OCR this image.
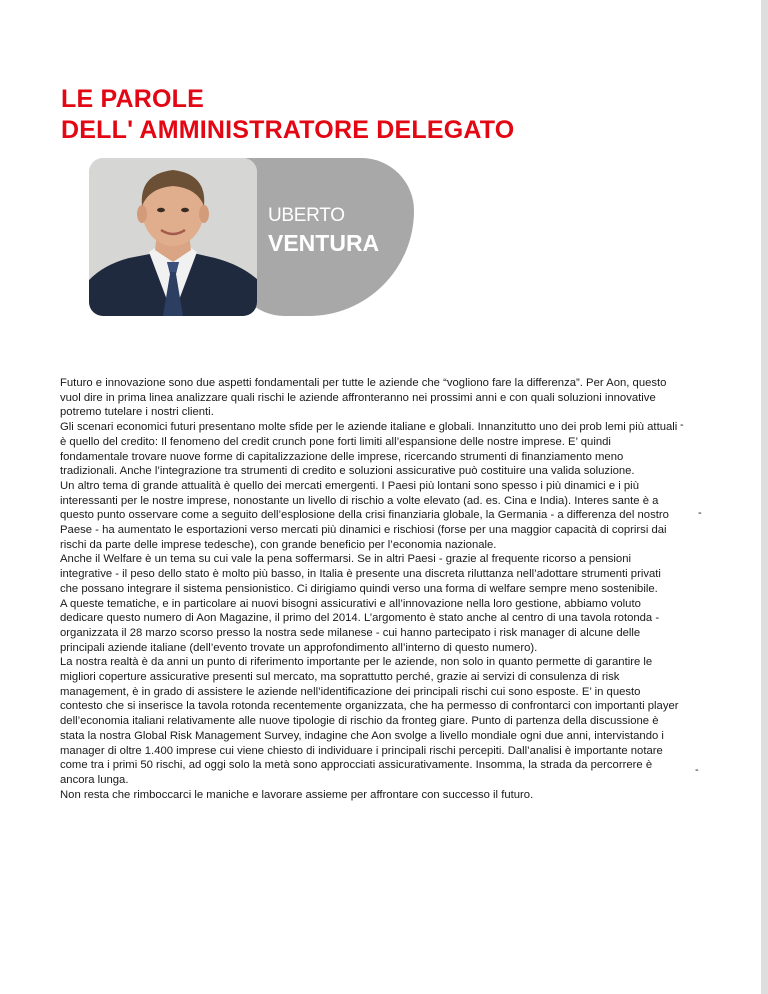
LE PAROLE
DELL' AMMINISTRATORE DELEGATO
UBERTO
VENTURA

Futuro e innovazione sono due aspetti fondamentali per tutte le aziende che “vogliono fare la differenza”. Per Aon, questo vuol dire in prima linea analizzare quali rischi le aziende affronteranno nei prossimi anni e con quali soluzioni innovative potremo tutelare i nostri clienti.

Gli scenari economici futuri presentano molte sfide per le aziende italiane e globali. Innanzitutto uno dei prob lemi più attuali è quello del credito: Il fenomeno del credit crunch pone forti limiti all’espansione delle nostre imprese. E’ quindi fondamentale trovare nuove forme di capitalizzazione delle imprese, ricercando strumenti di finanziamento meno tradizionali. Anche l’integrazione tra strumenti di credito e soluzioni assicurative può costituire una valida soluzione.

Un altro tema di grande attualità è quello dei mercati emergenti. I Paesi più lontani sono spesso i più dinamici e i più interessanti per le nostre imprese, nonostante un livello di rischio a volte elevato (ad. es. Cina e India). Interes sante è a questo punto osservare come a seguito dell’esplosione della crisi finanziaria globale, la Germania - a differenza del nostro Paese - ha aumentato le esportazioni verso mercati più dinamici e rischiosi (forse per una maggior capacità di coprirsi dai rischi da parte delle imprese tedesche), con grande beneficio per l’economia nazionale.

Anche il Welfare è un tema su cui vale la pena soffermarsi. Se in altri Paesi - grazie al frequente ricorso a pensioni integrative - il peso dello stato è molto più basso, in Italia è presente una discreta riluttanza nell’adottare strumenti privati che possano integrare il sistema pensionistico. Ci dirigiamo quindi verso una forma di welfare sempre meno sostenibile.

A queste tematiche, e in particolare ai nuovi bisogni assicurativi e all’innovazione nella loro gestione, abbiamo voluto dedicare questo numero di Aon Magazine, il primo del 2014. L’argomento è stato anche al centro di una tavola rotonda - organizzata il 28 marzo scorso presso la nostra sede milanese - cui hanno partecipato i risk manager di alcune delle principali aziende italiane (dell’evento trovate un approfondimento all’interno di questo numero).

La nostra realtà è da anni un punto di riferimento importante per le aziende, non solo in quanto permette di garantire le migliori coperture assicurative presenti sul mercato, ma soprattutto perché, grazie ai servizi di consulenza di risk management, è in grado di assistere le aziende nell’identificazione dei principali rischi cui sono esposte. E’ in questo contesto che si inserisce la tavola rotonda recentemente organizzata, che ha permesso di confrontarci con importanti player dell’economia italiani relativamente alle nuove tipologie di rischio da fronteg giare. Punto di partenza della discussione è stata la nostra Global Risk Management Survey, indagine che Aon svolge a livello mondiale ogni due anni, intervistando i manager di oltre 1.400 imprese cui viene chiesto di individuare i principali rischi percepiti. Dall’analisi è importante notare come tra i primi 50 rischi, ad oggi solo la metà sono approcciati assicurativamente. Insomma, la strada da percorrere è ancora lunga.

Non resta che rimboccarci le maniche e lavorare assieme per affrontare con successo il futuro.

-
-
-
